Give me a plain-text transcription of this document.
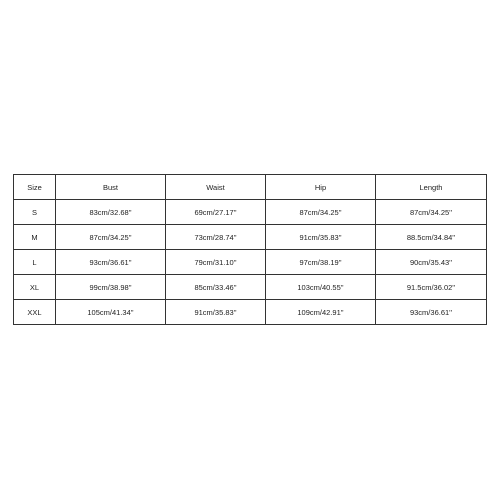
Size	Bust	Waist	Hip	Length
S	83cm/32.68''	69cm/27.17''	87cm/34.25''	87cm/34.25''
M	87cm/34.25''	73cm/28.74''	91cm/35.83''	88.5cm/34.84''
L	93cm/36.61''	79cm/31.10''	97cm/38.19''	90cm/35.43''
XL	99cm/38.98''	85cm/33.46''	103cm/40.55''	91.5cm/36.02''
XXL	105cm/41.34''	91cm/35.83''	109cm/42.91''	93cm/36.61''
